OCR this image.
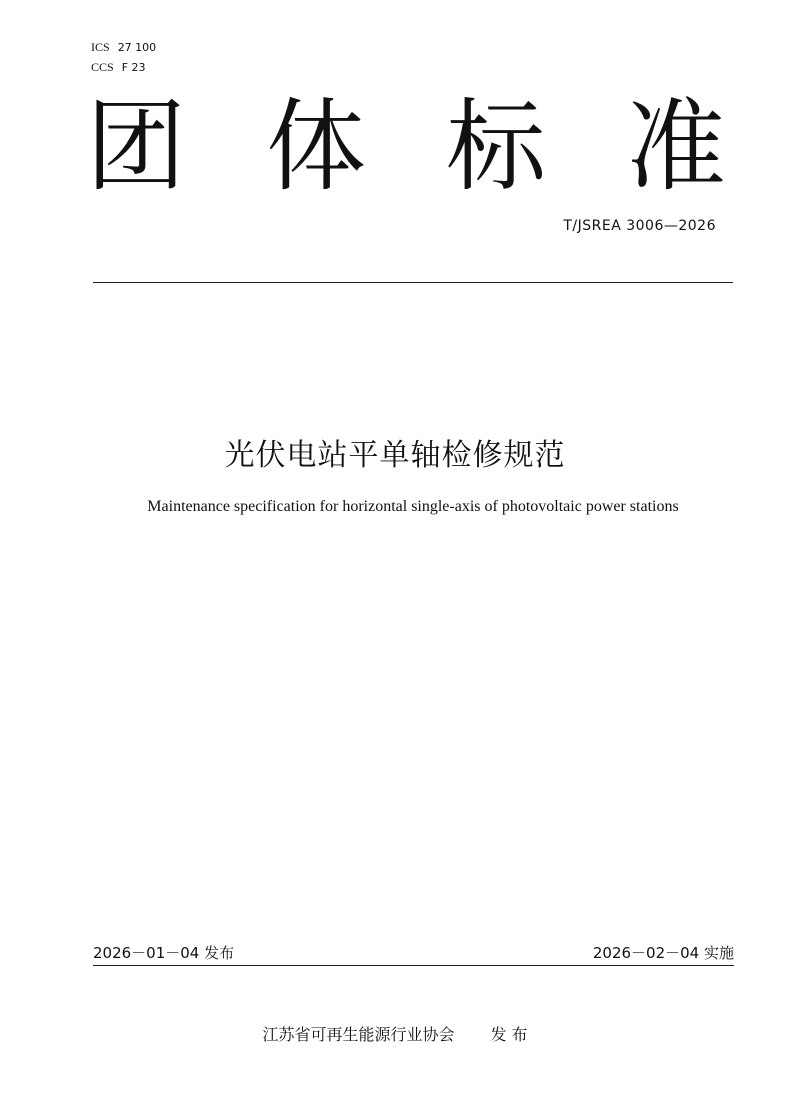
ICS 27 100
CCS F 23
团 体 标 准
T/JSREA 3006—2026
光伏电站平单轴检修规范
Maintenance specification for horizontal single-axis of photovoltaic power stations
2026－01－04 发布	2026－02－04 实施
江苏省可再生能源行业协会 发 布
